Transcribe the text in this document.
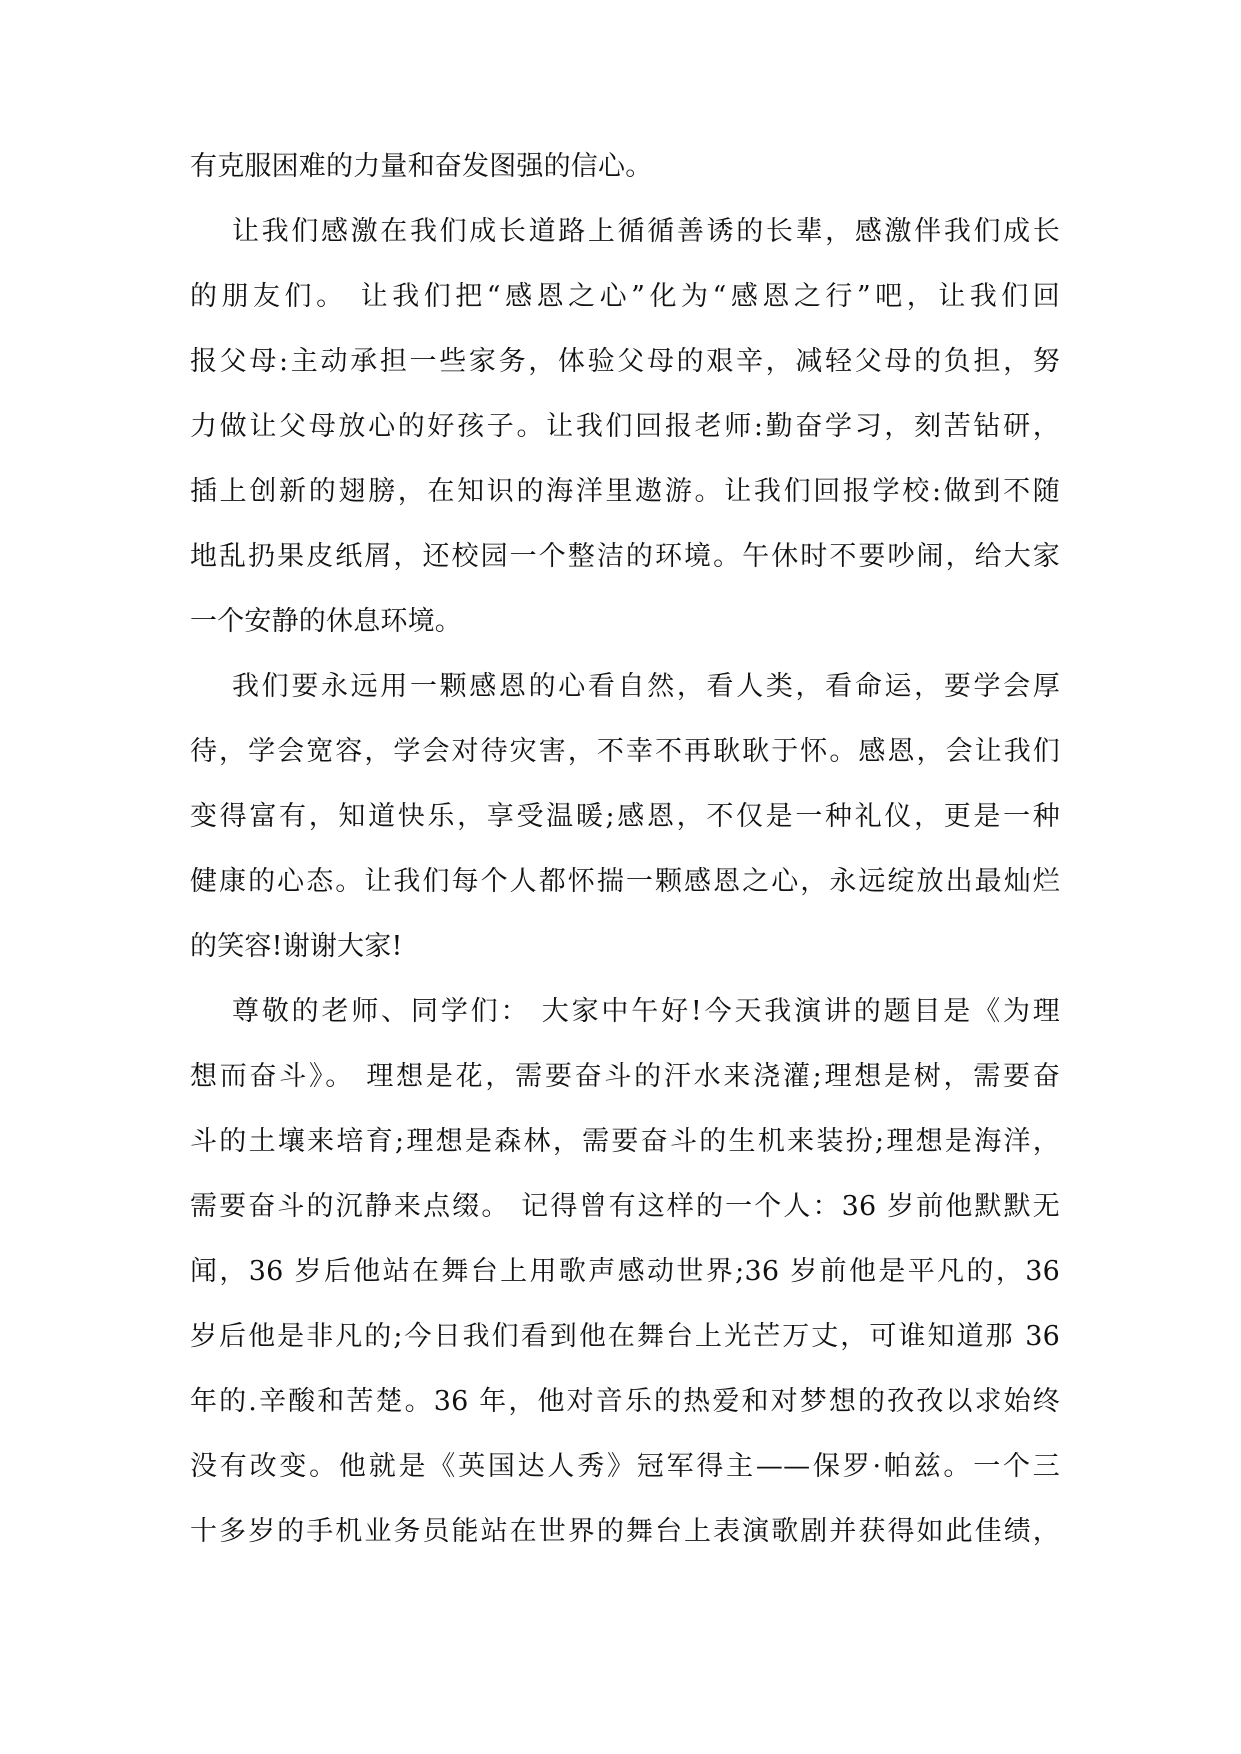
有克服困难的力量和奋发图强的信心。
让我们感激在我们成长道路上循循善诱的长辈，感激伴我们成长
的朋友们。 让我们把“感恩之心”化为“感恩之行”吧，让我们回
报父母:主动承担一些家务，体验父母的艰辛，减轻父母的负担，努
力做让父母放心的好孩子。让我们回报老师:勤奋学习，刻苦钻研，
插上创新的翅膀，在知识的海洋里遨游。让我们回报学校:做到不随
地乱扔果皮纸屑，还校园一个整洁的环境。午休时不要吵闹，给大家
一个安静的休息环境。
我们要永远用一颗感恩的心看自然，看人类，看命运，要学会厚
待，学会宽容，学会对待灾害，不幸不再耿耿于怀。感恩，会让我们
变得富有，知道快乐，享受温暖;感恩，不仅是一种礼仪，更是一种
健康的心态。让我们每个人都怀揣一颗感恩之心，永远绽放出最灿烂
的笑容!谢谢大家!
尊敬的老师、同学们： 大家中午好!今天我演讲的题目是《为理
想而奋斗》。 理想是花，需要奋斗的汗水来浇灌;理想是树，需要奋
斗的土壤来培育;理想是森林，需要奋斗的生机来装扮;理想是海洋，
需要奋斗的沉静来点缀。 记得曾有这样的一个人：36 岁前他默默无
闻，36 岁后他站在舞台上用歌声感动世界;36 岁前他是平凡的，36
岁后他是非凡的;今日我们看到他在舞台上光芒万丈，可谁知道那 36
年的.辛酸和苦楚。36 年，他对音乐的热爱和对梦想的孜孜以求始终
没有改变。他就是《英国达人秀》冠军得主——保罗·帕兹。一个三
十多岁的手机业务员能站在世界的舞台上表演歌剧并获得如此佳绩，
